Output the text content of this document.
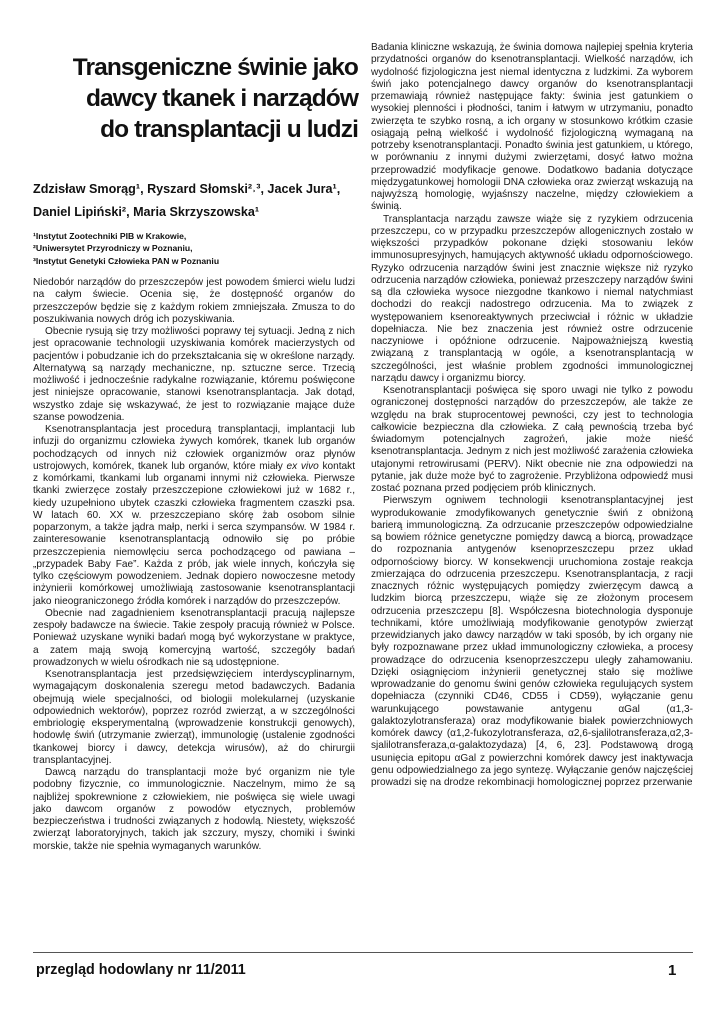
Transgeniczne świnie jako
dawcy tkanek i narządów
do transplantacji u ludzi
Zdzisław Smorąg¹, Ryszard Słomski²˒³, Jacek Jura¹,
Daniel Lipiński², Maria Skrzyszowska¹
¹Instytut Zootechniki PIB w Krakowie,
²Uniwersytet Przyrodniczy w Poznaniu,
³Instytut Genetyki Człowieka PAN w Poznaniu

Niedobór narządów do przeszczepów jest powodem śmierci wielu ludzi na całym świecie. Ocenia się, że dostępność organów do przeszczepów będzie się z każdym rokiem zmniejszała. Zmusza to do poszukiwania nowych dróg ich pozyskiwania.

Obecnie rysują się trzy możliwości poprawy tej sytuacji. Jedną z nich jest opracowanie technologii uzyskiwania komórek macierzystych od pacjentów i pobudzanie ich do przekształcania się w określone narządy. Alternatywą są narządy mechaniczne, np. sztuczne serce. Trzecią możliwość i jednocześnie radykalne rozwiązanie, któremu poświęcone jest niniejsze opracowanie, stanowi ksenotransplantacja. Jak dotąd, wszystko zdaje się wskazywać, że jest to rozwiązanie mające duże szanse powodzenia.

Ksenotransplantacja jest procedurą transplantacji, implantacji lub infuzji do organizmu człowieka żywych komórek, tkanek lub organów pochodzących od innych niż człowiek organizmów oraz płynów ustrojowych, komórek, tkanek lub organów, które miały ex vivo kontakt z komórkami, tkankami lub organami innymi niż człowieka. Pierwsze tkanki zwierzęce zostały przeszczepione człowiekowi już w 1682 r., kiedy uzupełniono ubytek czaszki człowieka fragmentem czaszki psa. W latach 60. XX w. przeszczepiano skórę żab osobom silnie poparzonym, a także jądra małp, nerki i serca szympansów. W 1984 r. zainteresowanie ksenotransplantacją odnowiło się po próbie przeszczepienia niemowlęciu serca pochodzącego od pawiana – „przypadek Baby Fae”. Każda z prób, jak wiele innych, kończyła się tylko częściowym powodzeniem. Jednak dopiero nowoczesne metody inżynierii komórkowej umożliwiają zastosowanie ksenotransplantacji jako nieograniczonego źródła komórek i narządów do przeszczepów.

Obecnie nad zagadnieniem ksenotransplantacji pracują najlepsze zespoły badawcze na świecie. Takie zespoły pracują również w Polsce. Ponieważ uzyskane wyniki badań mogą być wykorzystane w praktyce, a zatem mają swoją komercyjną wartość, szczegóły badań prowadzonych w wielu ośrodkach nie są udostępnione.

Ksenotransplantacja jest przedsięwzięciem interdyscyplinarnym, wymagającym doskonalenia szeregu metod badawczych. Badania obejmują wiele specjalności, od biologii molekularnej (uzyskanie odpowiednich wektorów), poprzez rozród zwierząt, a w szczególności embriologię eksperymentalną (wprowadzenie konstrukcji genowych), hodowlę świń (utrzymanie zwierząt), immunologię (ustalenie zgodności tkankowej biorcy i dawcy, detekcja wirusów), aż do chirurgii transplantacyjnej.

Dawcą narządu do transplantacji może być organizm nie tyle podobny fizycznie, co immunologicznie. Naczelnym, mimo że są najbliżej spokrewnione z człowiekiem, nie poświęca się wiele uwagi jako dawcom organów z powodów etycznych, problemów bezpieczeństwa i trudności związanych z hodowlą. Niestety, większość zwierząt laboratoryjnych, takich jak szczury, myszy, chomiki i świnki morskie, także nie spełnia wymaganych warunków.

Badania kliniczne wskazują, że świnia domowa najlepiej spełnia kryteria przydatności organów do ksenotransplantacji. Wielkość narządów, ich wydolność fizjologiczna jest niemal identyczna z ludzkimi. Za wyborem świń jako potencjalnego dawcy organów do ksenotransplantacji przemawiają również następujące fakty: świnia jest gatunkiem o wysokiej plenności i płodności, tanim i łatwym w utrzymaniu, ponadto zwierzęta te szybko rosną, a ich organy w stosunkowo krótkim czasie osiągają pełną wielkość i wydolność fizjologiczną wymaganą na potrzeby ksenotransplantacji. Ponadto świnia jest gatunkiem, u którego, w porównaniu z innymi dużymi zwierzętami, dosyć łatwo można przeprowadzić modyfikacje genowe. Dodatkowo badania dotyczące międzygatunkowej homologii DNA człowieka oraz zwierząt wskazują na najwyższą homologię, wyjaśnszy naczelne, między człowiekiem a świnią.

Transplantacja narządu zawsze wiąże się z ryzykiem odrzucenia przeszczepu, co w przypadku przeszczepów allogenicznych zostało w większości przypadków pokonane dzięki stosowaniu leków immunosupresyjnych, hamujących aktywność układu odpornościowego. Ryzyko odrzucenia narządów świni jest znacznie większe niż ryzyko odrzucenia narządów człowieka, ponieważ przeszczepy narządów świni są dla człowieka wysoce niezgodne tkankowo i niemal natychmiast dochodzi do reakcji nadostrego odrzucenia. Ma to związek z występowaniem ksenoreaktywnych przeciwciał i różnic w układzie dopełniacza. Nie bez znaczenia jest również ostre odrzucenie naczyniowe i opóźnione odrzucenie. Najpoważniejszą kwestią związaną z transplantacją w ogóle, a ksenotransplantacją w szczególności, jest właśnie problem zgodności immunologicznej narządu dawcy i organizmu biorcy.

Ksenotransplantacji poświęca się sporo uwagi nie tylko z powodu ograniczonej dostępności narządów do przeszczepów, ale także ze względu na brak stuprocentowej pewności, czy jest to technologia całkowicie bezpieczna dla człowieka. Z całą pewnością trzeba być świadomym potencjalnych zagrożeń, jakie może nieść ksenotransplantacja. Jednym z nich jest możliwość zarażenia człowieka utajonymi retrowirusami (PERV). Nikt obecnie nie zna odpowiedzi na pytanie, jak duże może być to zagrożenie. Przybliżona odpowiedź musi zostać poznana przed podjęciem prób klinicznych.

Pierwszym ogniwem technologii ksenotransplantacyjnej jest wyprodukowanie zmodyfikowanych genetycznie świń z obniżoną barierą immunologiczną. Za odrzucanie przeszczepów odpowiedzialne są bowiem różnice genetyczne pomiędzy dawcą a biorcą, prowadzące do rozpoznania antygenów ksenoprzeszczepu przez układ odpornościowy biorcy. W konsekwencji uruchomiona zostaje reakcja zmierzająca do odrzucenia przeszczepu. Ksenotransplantacja, z racji znacznych różnic występujących pomiędzy zwierzęcym dawcą a ludzkim biorcą przeszczepu, wiąże się ze złożonym procesem odrzucenia przeszczepu [8]. Współczesna biotechnologia dysponuje technikami, które umożliwiają modyfikowanie genotypów zwierząt przewidzianych jako dawcy narządów w taki sposób, by ich organy nie były rozpoznawane przez układ immunologiczny człowieka, a procesy prowadzące do odrzucenia ksenoprzeszczepu uległy zahamowaniu. Dzięki osiągnięciom inżynierii genetycznej stało się możliwe wprowadzanie do genomu świni genów człowieka regulujących system dopełniacza (czynniki CD46, CD55 i CD59), wyłączanie genu warunkującego powstawanie antygenu αGal (α1,3-galaktozylotransferaza) oraz modyfikowanie białek powierzchniowych komórek dawcy (α1,2-fukozylotransferaza, α2,6-sjalilotransferaza,α2,3-sjalilotransferaza,α-galaktozydaza) [4, 6, 23]. Podstawową drogą usunięcia epitopu αGal z powierzchni komórek dawcy jest inaktywacja genu odpowiedzialnego za jego syntezę. Wyłączanie genów najczęściej prowadzi się na drodze rekombinacji homologicznej poprzez przerwanie

przegląd hodowlany nr 11/2011	1
